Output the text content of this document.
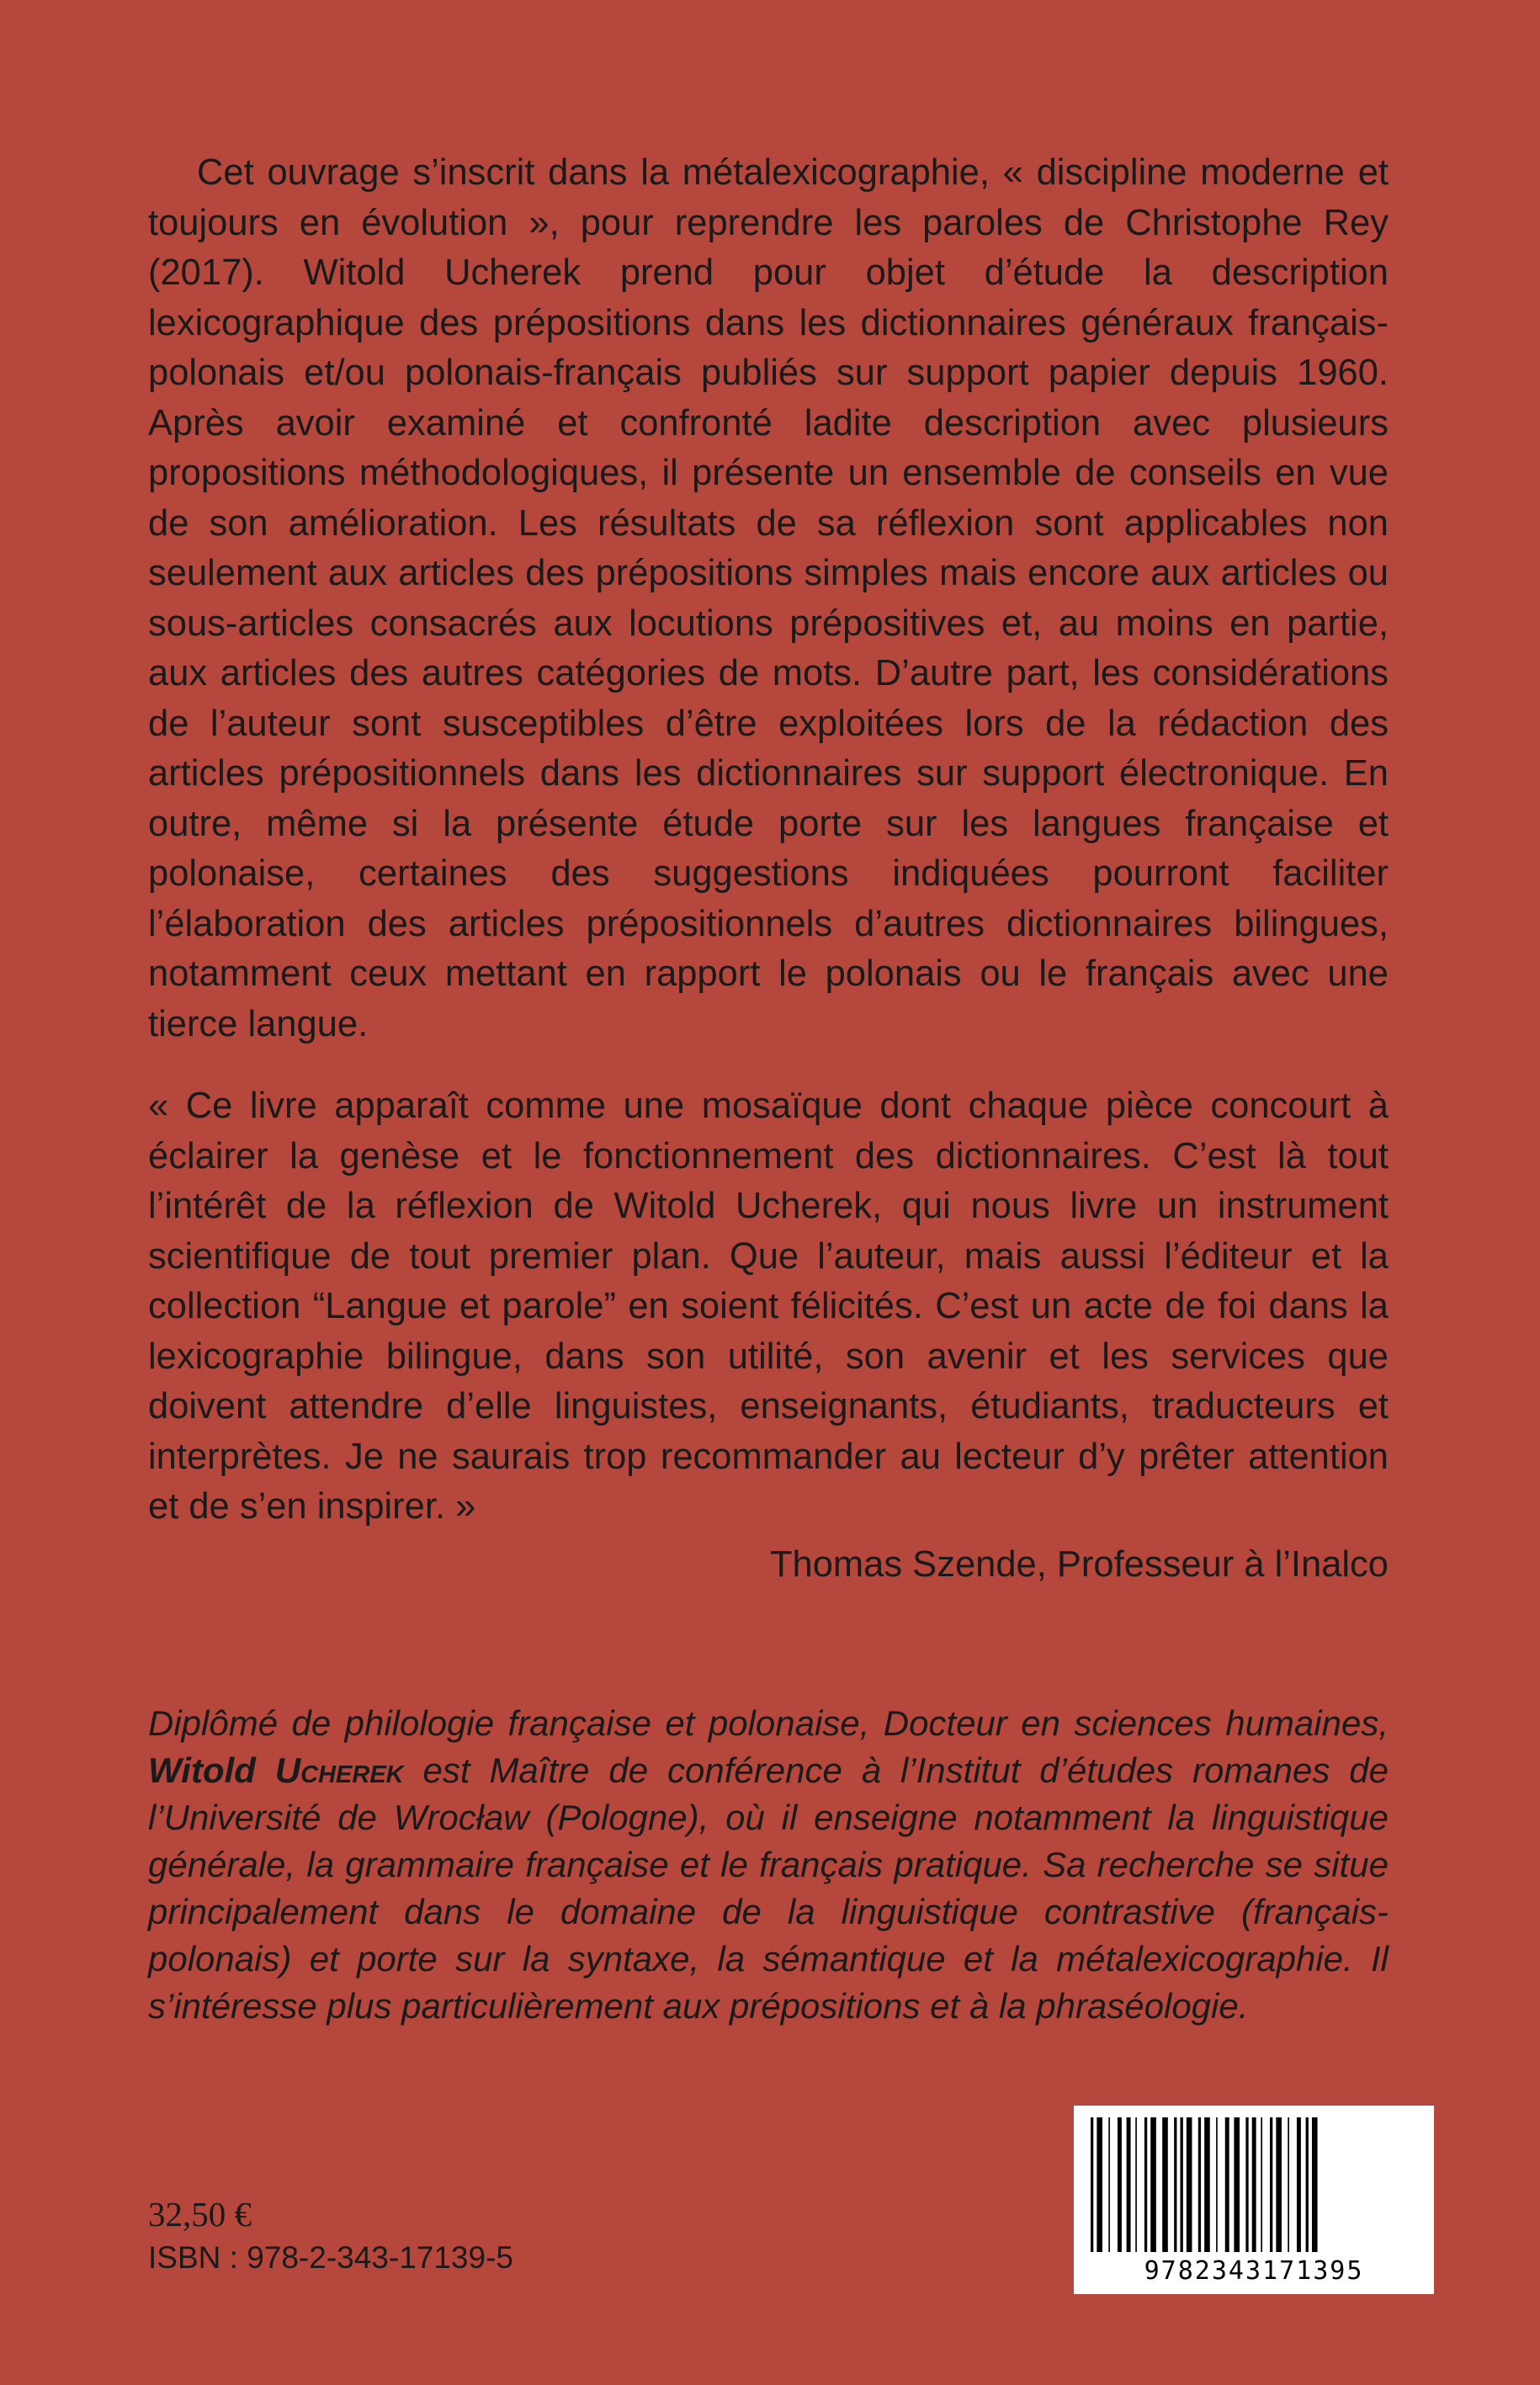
Cet ouvrage s’inscrit dans la métalexicographie, « discipline moderne et toujours en évolution », pour reprendre les paroles de Christophe Rey (2017). Witold Ucherek prend pour objet d’étude la description lexicographique des prépositions dans les dictionnaires généraux français-polonais et/ou polonais-français publiés sur support papier depuis 1960. Après avoir examiné et confronté ladite description avec plusieurs propositions méthodologiques, il présente un ensemble de conseils en vue de son amélioration. Les résultats de sa réflexion sont applicables non seulement aux articles des prépositions simples mais encore aux articles ou sous-articles consacrés aux locutions prépositives et, au moins en partie, aux articles des autres catégories de mots. D’autre part, les considérations de l’auteur sont susceptibles d’être exploitées lors de la rédaction des articles prépositionnels dans les dictionnaires sur support électronique. En outre, même si la présente étude porte sur les langues française et polonaise, certaines des suggestions indiquées pourront faciliter l’élaboration des articles prépositionnels d’autres dictionnaires bilingues, notamment ceux mettant en rapport le polonais ou le français avec une tierce langue.

« Ce livre apparaît comme une mosaïque dont chaque pièce concourt à éclairer la genèse et le fonctionnement des dictionnaires. C’est là tout l’intérêt de la réflexion de Witold Ucherek, qui nous livre un instrument scientifique de tout premier plan. Que l’auteur, mais aussi l’éditeur et la collection “Langue et parole” en soient félicités. C’est un acte de foi dans la lexicographie bilingue, dans son utilité, son avenir et les services que doivent attendre d’elle linguistes, enseignants, étudiants, traducteurs et interprètes. Je ne saurais trop recommander au lecteur d’y prêter attention et de s’en inspirer. »

Thomas Szende, Professeur à l’Inalco

Diplômé de philologie française et polonaise, Docteur en sciences humaines, Witold Ucherek est Maître de conférence à l’Institut d’études romanes de l’Université de Wrocław (Pologne), où il enseigne notamment la linguistique générale, la grammaire française et le français pratique. Sa recherche se situe principalement dans le domaine de la linguistique contrastive (français-polonais) et porte sur la syntaxe, la sémantique et la métalexicographie. Il s’intéresse plus particulièrement aux prépositions et à la phraséologie.

32,50 €

ISBN : 978-2-343-17139-5	9782343171395
